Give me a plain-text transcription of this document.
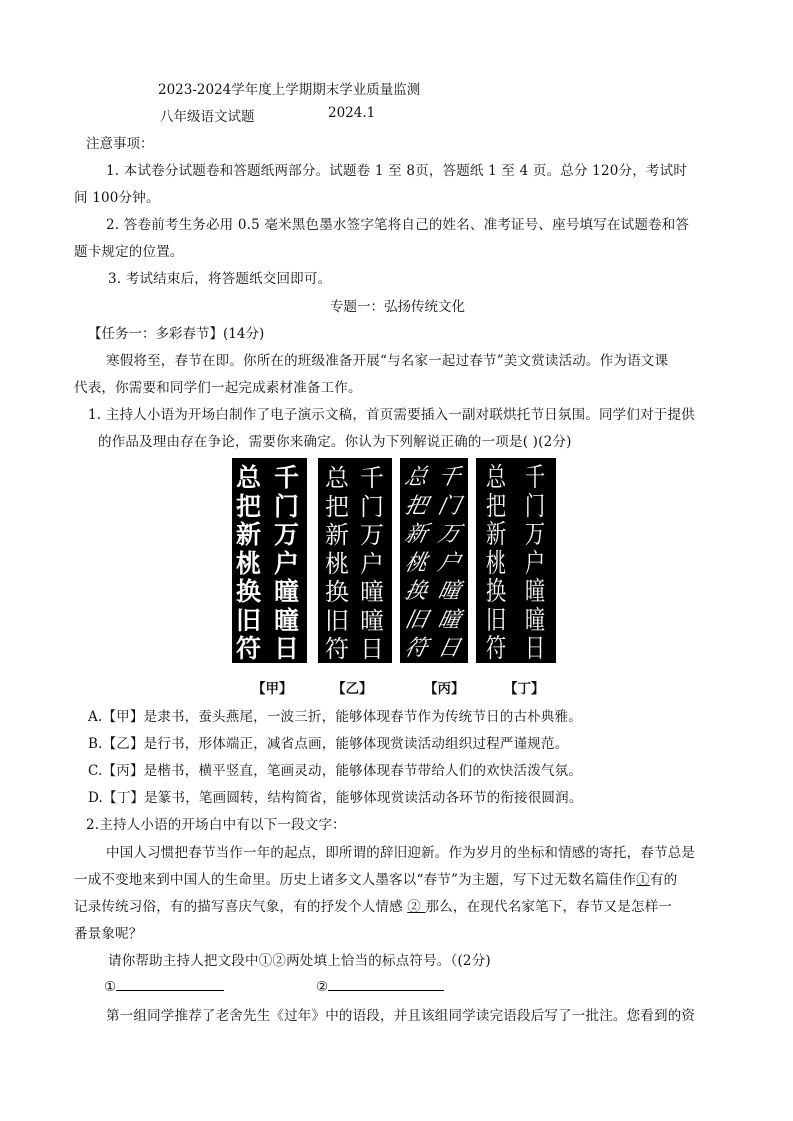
2023-2024学年度上学期期末学业质量监测
八年级语文试题	2024.1
注意事项：
1. 本试卷分试题卷和答题纸两部分。试题卷 1 至 8页，答题纸 1 至 4 页。总分 120分，考试时
间 100分钟。
2. 答卷前考生务必用 0.5 毫米黑色墨水签字笔将自己的姓名、准考证号、座号填写在试题卷和答
题卡规定的位置。
3. 考试结束后，将答题纸交回即可。
专题一：弘扬传统文化
【任务一：多彩春节】(14分)
寒假将至，春节在即。你所在的班级准备开展“与名家一起过春节”美文赏读活动。作为语文课
代表，你需要和同学们一起完成素材准备工作。
1. 主持人小语为开场白制作了电子演示文稿，首页需要插入一副对联烘托节日氛围。同学们对于提供
的作品及理由存在争论，需要你来确定。你认为下列解说正确的一项是( )(2分)
总
把
新
桃
换
旧
符
千
门
万
户
曈
曈
日
总
把
新
桃
换
旧
符
千
门
万
户
曈
曈
日
总
把
新
桃
换
旧
符
千
门
万
户
曈
曈
日
总
把
新
桃
换
旧
符
千
门
万
户
曈
曈
日
【甲】	【乙】	【丙】	【丁】
A.【甲】是隶书，蚕头燕尾，一波三折，能够体现春节作为传统节日的古朴典雅。
B.【乙】是行书，形体端正，减省点画，能够体现赏读活动组织过程严谨规范。
C.【丙】是楷书，横平竖直，笔画灵动，能够体现春节带给人们的欢快活泼气氛。
D.【丁】是篆书，笔画圆转，结构简省，能够体现赏读活动各环节的衔接很圆润。
2.主持人小语的开场白中有以下一段文字：
中国人习惯把春节当作一年的起点，即所谓的辞旧迎新。作为岁月的坐标和情感的寄托，春节总是
一成不变地来到中国人的生命里。历史上诸多文人墨客以“春节”为主题，写下过无数名篇佳作①有的
记录传统习俗，有的描写喜庆气象，有的抒发个人情感 ② 那么，在现代名家笔下，春节又是怎样一
番景象呢？
请你帮助主持人把文段中①②两处填上恰当的标点符号。（(2分)
①	②
第一组同学推荐了老舍先生《过年》中的语段，并且该组同学读完语段后写了一批注。您看到的资
